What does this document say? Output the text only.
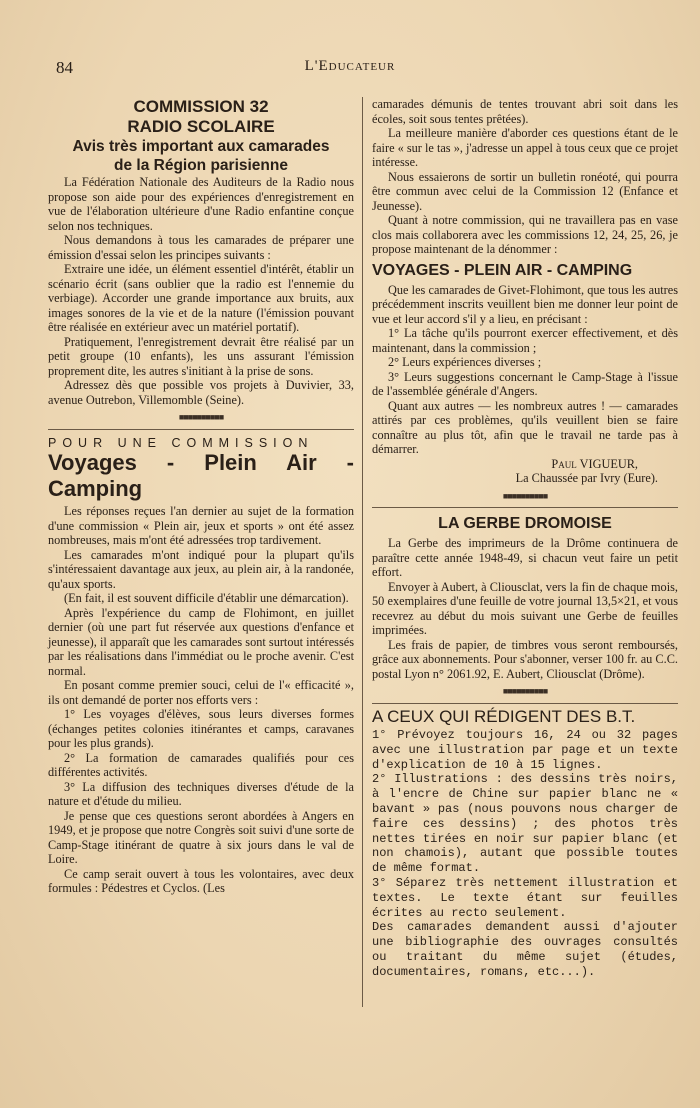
84	L'Educateur
COMMISSION 32
RADIO SCOLAIRE
Avis très important aux camarades
de la Région parisienne

La Fédération Nationale des Auditeurs de la Radio nous propose son aide pour des expériences d'enregistrement en vue de l'élaboration ultérieure d'une Radio enfantine conçue selon nos techniques.

Nous demandons à tous les camarades de préparer une émission d'essai selon les principes suivants :

Extraire une idée, un élément essentiel d'intérêt, établir un scénario écrit (sans oublier que la radio est l'ennemie du verbiage). Accorder une grande importance aux bruits, aux images sonores de la vie et de la nature (l'émission pouvant être réalisée en extérieur avec un matériel portatif).

Pratiquement, l'enregistrement devrait être réalisé par un petit groupe (10 enfants), les uns assurant l'émission proprement dite, les autres s'initiant à la prise de sons.

Adressez dès que possible vos projets à Duvivier, 33, avenue Outrebon, Villemomble (Seine).

■■■■■■■■■■
POUR UNE COMMISSION
Voyages - Plein Air - Camping

Les réponses reçues l'an dernier au sujet de la formation d'une commission « Plein air, jeux et sports » ont été assez nombreuses, mais m'ont été adressées trop tardivement.

Les camarades m'ont indiqué pour la plupart qu'ils s'intéressaient davantage aux jeux, au plein air, à la randonée, qu'aux sports.

(En fait, il est souvent difficile d'établir une démarcation).

Après l'expérience du camp de Flohimont, en juillet dernier (où une part fut réservée aux questions d'enfance et jeunesse), il apparaît que les camarades sont surtout intéressés par les réalisations dans l'immédiat ou le proche avenir. C'est normal.

En posant comme premier souci, celui de l'« efficacité », ils ont demandé de porter nos efforts vers :

1° Les voyages d'élèves, sous leurs diverses formes (échanges petites colonies itinérantes et camps, caravanes pour les plus grands).

2° La formation de camarades qualifiés pour ces différentes activités.

3° La diffusion des techniques diverses d'étude de la nature et d'étude du milieu.

Je pense que ces questions seront abordées à Angers en 1949, et je propose que notre Congrès soit suivi d'une sorte de Camp-Stage itinérant de quatre à six jours dans le val de Loire.

Ce camp serait ouvert à tous les volontaires, avec deux formules : Pédestres et Cyclos. (Les

camarades démunis de tentes trouvant abri soit dans les écoles, soit sous tentes prêtées).

La meilleure manière d'aborder ces questions étant de le faire « sur le tas », j'adresse un appel à tous ceux que ce projet intéresse.

Nous essaierons de sortir un bulletin ronéoté, qui pourra être commun avec celui de la Commission 12 (Enfance et Jeunesse).

Quant à notre commission, qui ne travaillera pas en vase clos mais collaborera avec les commissions 12, 24, 25, 26, je propose maintenant de la dénommer :

VOYAGES - PLEIN AIR - CAMPING

Que les camarades de Givet-Flohimont, que tous les autres précédemment inscrits veuillent bien me donner leur point de vue et leur accord s'il y a lieu, en précisant :

1° La tâche qu'ils pourront exercer effectivement, et dès maintenant, dans la commission ;

2° Leurs expériences diverses ;

3° Leurs suggestions concernant le Camp-Stage à l'issue de l'assemblée générale d'Angers.

Quant aux autres — les nombreux autres ! — camarades attirés par ces problèmes, qu'ils veuillent bien se faire connaître au plus tôt, afin que le travail ne tarde pas à démarrer.

Paul VIGUEUR,
La Chaussée par Ivry (Eure).
■■■■■■■■■■
LA GERBE DROMOISE

La Gerbe des imprimeurs de la Drôme continuera de paraître cette année 1948-49, si chacun veut faire un petit effort.

Envoyer à Aubert, à Cliousclat, vers la fin de chaque mois, 50 exemplaires d'une feuille de votre journal 13,5×21, et vous recevrez au début du mois suivant une Gerbe de feuilles imprimées.

Les frais de papier, de timbres vous seront remboursés, grâce aux abonnements. Pour s'abonner, verser 100 fr. au C.C. postal Lyon n° 2061.92, E. Aubert, Cliousclat (Drôme).

■■■■■■■■■■
A CEUX QUI RÉDIGENT DES B.T.

1° Prévoyez toujours 16, 24 ou 32 pages avec une illustration par page et un texte d'explication de 10 à 15 lignes.

2° Illustrations : des dessins très noirs, à l'encre de Chine sur papier blanc ne « bavant » pas (nous pouvons nous charger de faire ces dessins) ; des photos très nettes tirées en noir sur papier blanc (et non chamois), autant que possible toutes de même format.

3° Séparez très nettement illustration et textes. Le texte étant sur feuilles écrites au recto seulement.

Des camarades demandent aussi d'ajouter une bibliographie des ouvrages consultés ou traitant du même sujet (études, documentaires, romans, etc...).
